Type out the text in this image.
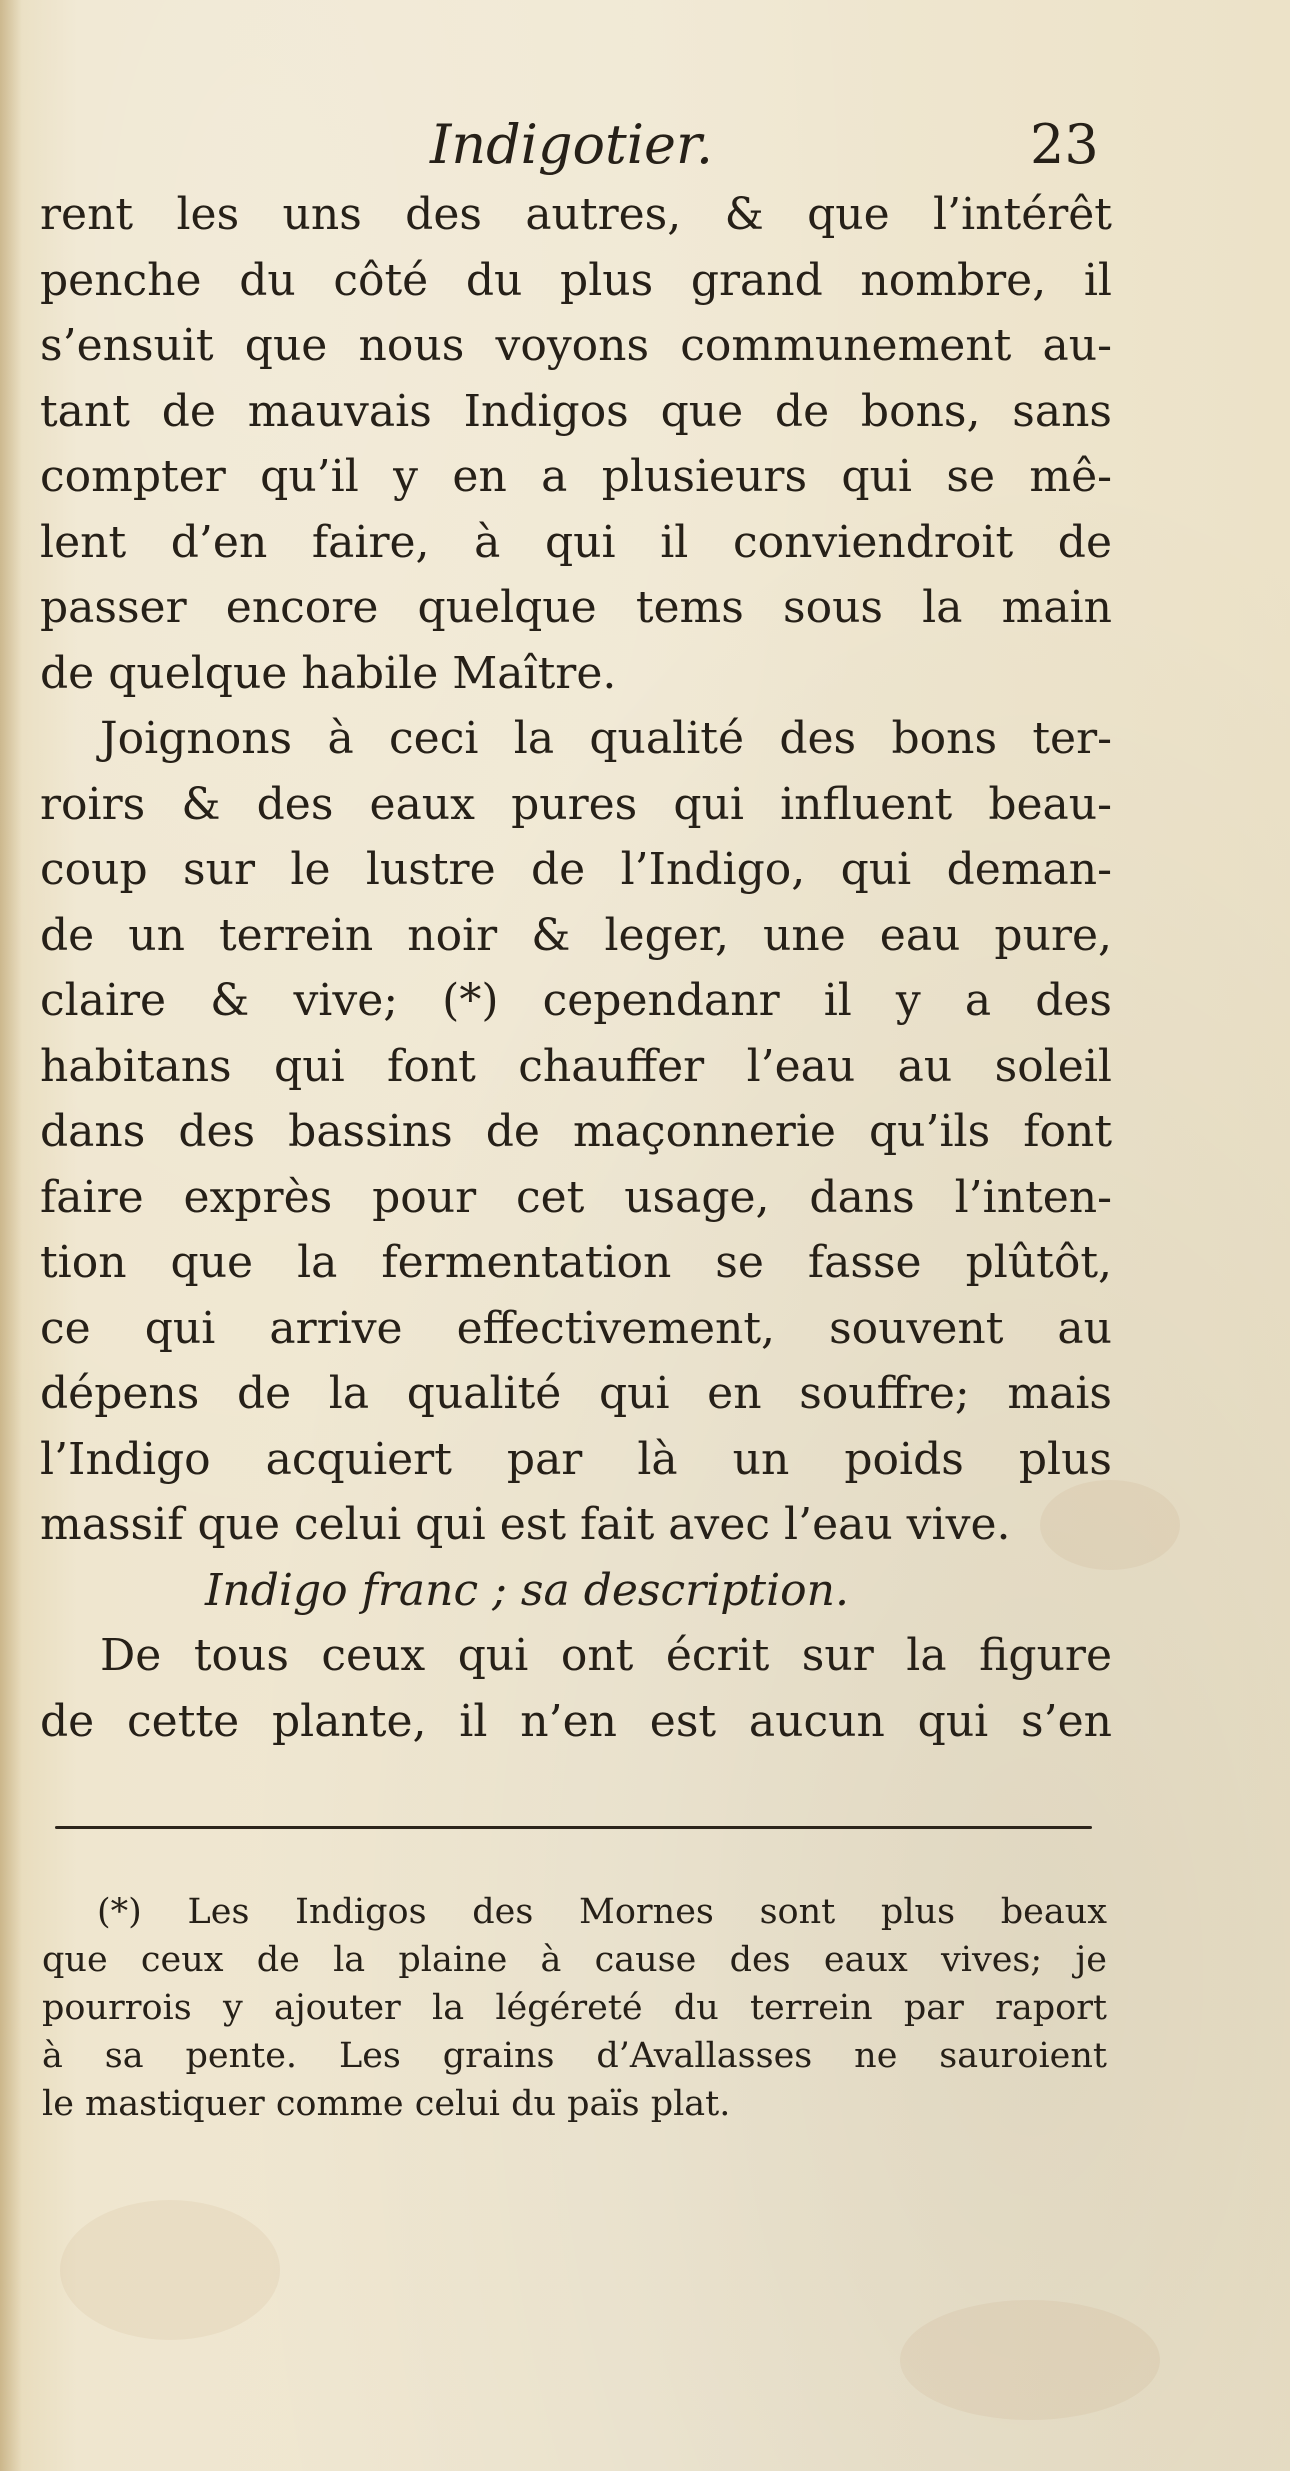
Indigotier.	23
rent les uns des autres, & que l’intérêt
penche du côté du plus grand nombre, il
s’ensuit que nous voyons communement au-
tant de mauvais Indigos que de bons, sans
compter qu’il y en a plusieurs qui se mê-
lent d’en faire, à qui il conviendroit de
passer encore quelque tems sous la main
de quelque habile Maître.
Joignons à ceci la qualité des bons ter-
roirs & des eaux pures qui influent beau-
coup sur le lustre de l’Indigo, qui deman-
de un terrein noir & leger, une eau pure,
claire & vive; (*) cependanr il y a des
habitans qui font chauffer l’eau au soleil
dans des bassins de maçonnerie qu’ils font
faire exprès pour cet usage, dans l’inten-
tion que la fermentation se fasse plûtôt,
ce qui arrive effectivement, souvent au
dépens de la qualité qui en souffre; mais
l’Indigo acquiert par là un poids plus
massif que celui qui est fait avec l’eau vive.
Indigo franc ; sa description.
De tous ceux qui ont écrit sur la figure
de cette plante, il n’en est aucun qui s’en
(*) Les Indigos des Mornes sont plus beaux
que ceux de la plaine à cause des eaux vives; je
pourrois y ajouter la légéreté du terrein par raport
à sa pente. Les grains d’Avallasses ne sauroient
le mastiquer comme celui du païs plat.
